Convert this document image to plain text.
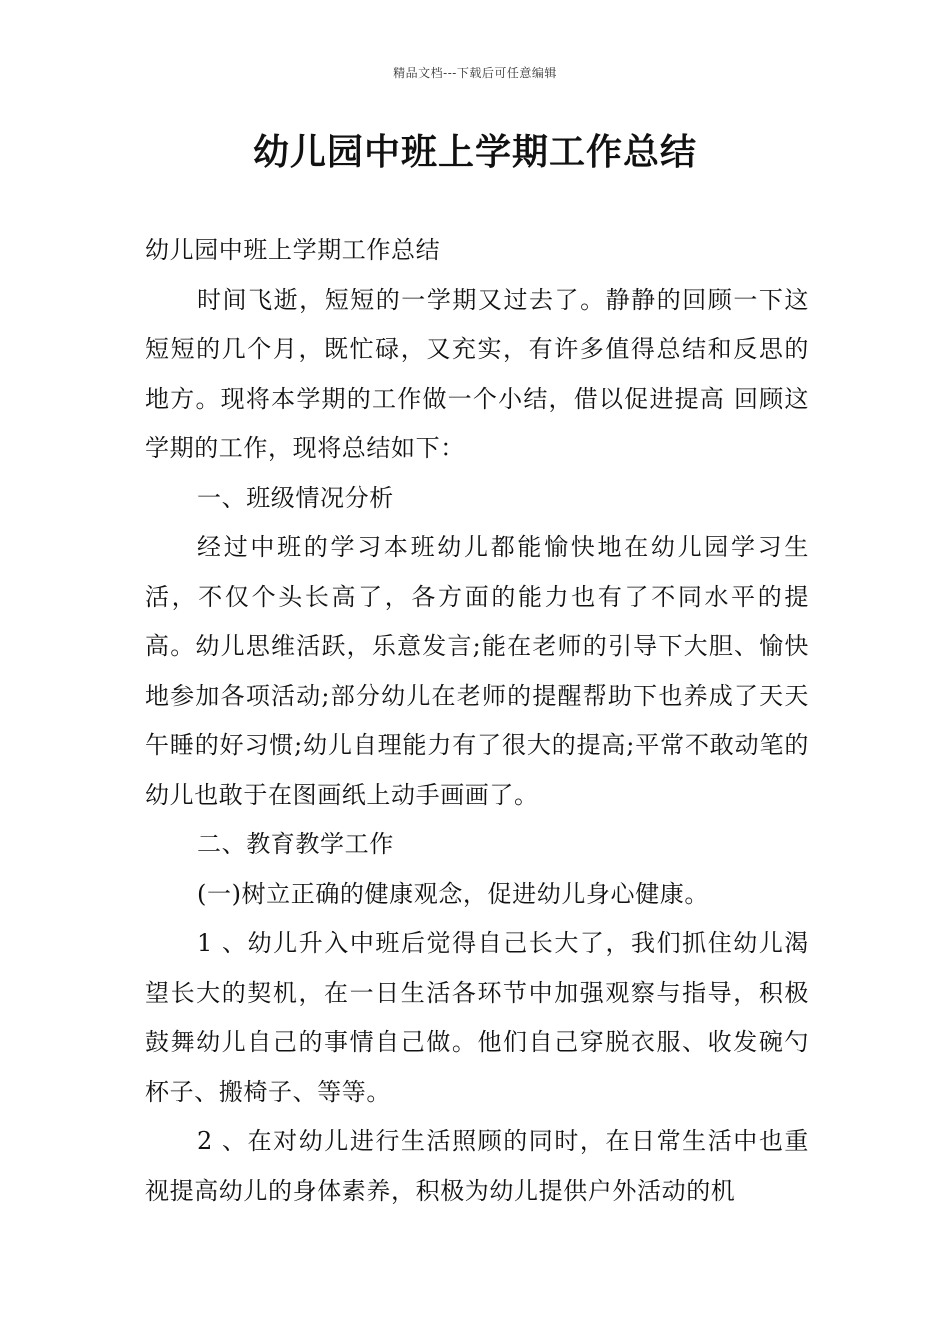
精品文档---下载后可任意编辑
幼儿园中班上学期工作总结

幼儿园中班上学期工作总结

时间飞逝，短短的一学期又过去了。静静的回顾一下这短短的几个月，既忙碌，又充实，有许多值得总结和反思的地方。现将本学期的工作做一个小结，借以促进提高 回顾这学期的工作，现将总结如下：

一、班级情况分析

经过中班的学习本班幼儿都能愉快地在幼儿园学习生活，不仅个头长高了，各方面的能力也有了不同水平的提高。幼儿思维活跃，乐意发言;能在老师的引导下大胆、愉快地参加各项活动;部分幼儿在老师的提醒帮助下也养成了天天午睡的好习惯;幼儿自理能力有了很大的提高;平常不敢动笔的幼儿也敢于在图画纸上动手画画了。

二、教育教学工作

(一)树立正确的健康观念，促进幼儿身心健康。

1 、幼儿升入中班后觉得自己长大了，我们抓住幼儿渴望长大的契机，在一日生活各环节中加强观察与指导，积极鼓舞幼儿自己的事情自己做。他们自己穿脱衣服、收发碗勺杯子、搬椅子、等等。

2 、在对幼儿进行生活照顾的同时，在日常生活中也重视提高幼儿的身体素养，积极为幼儿提供户外活动的机
